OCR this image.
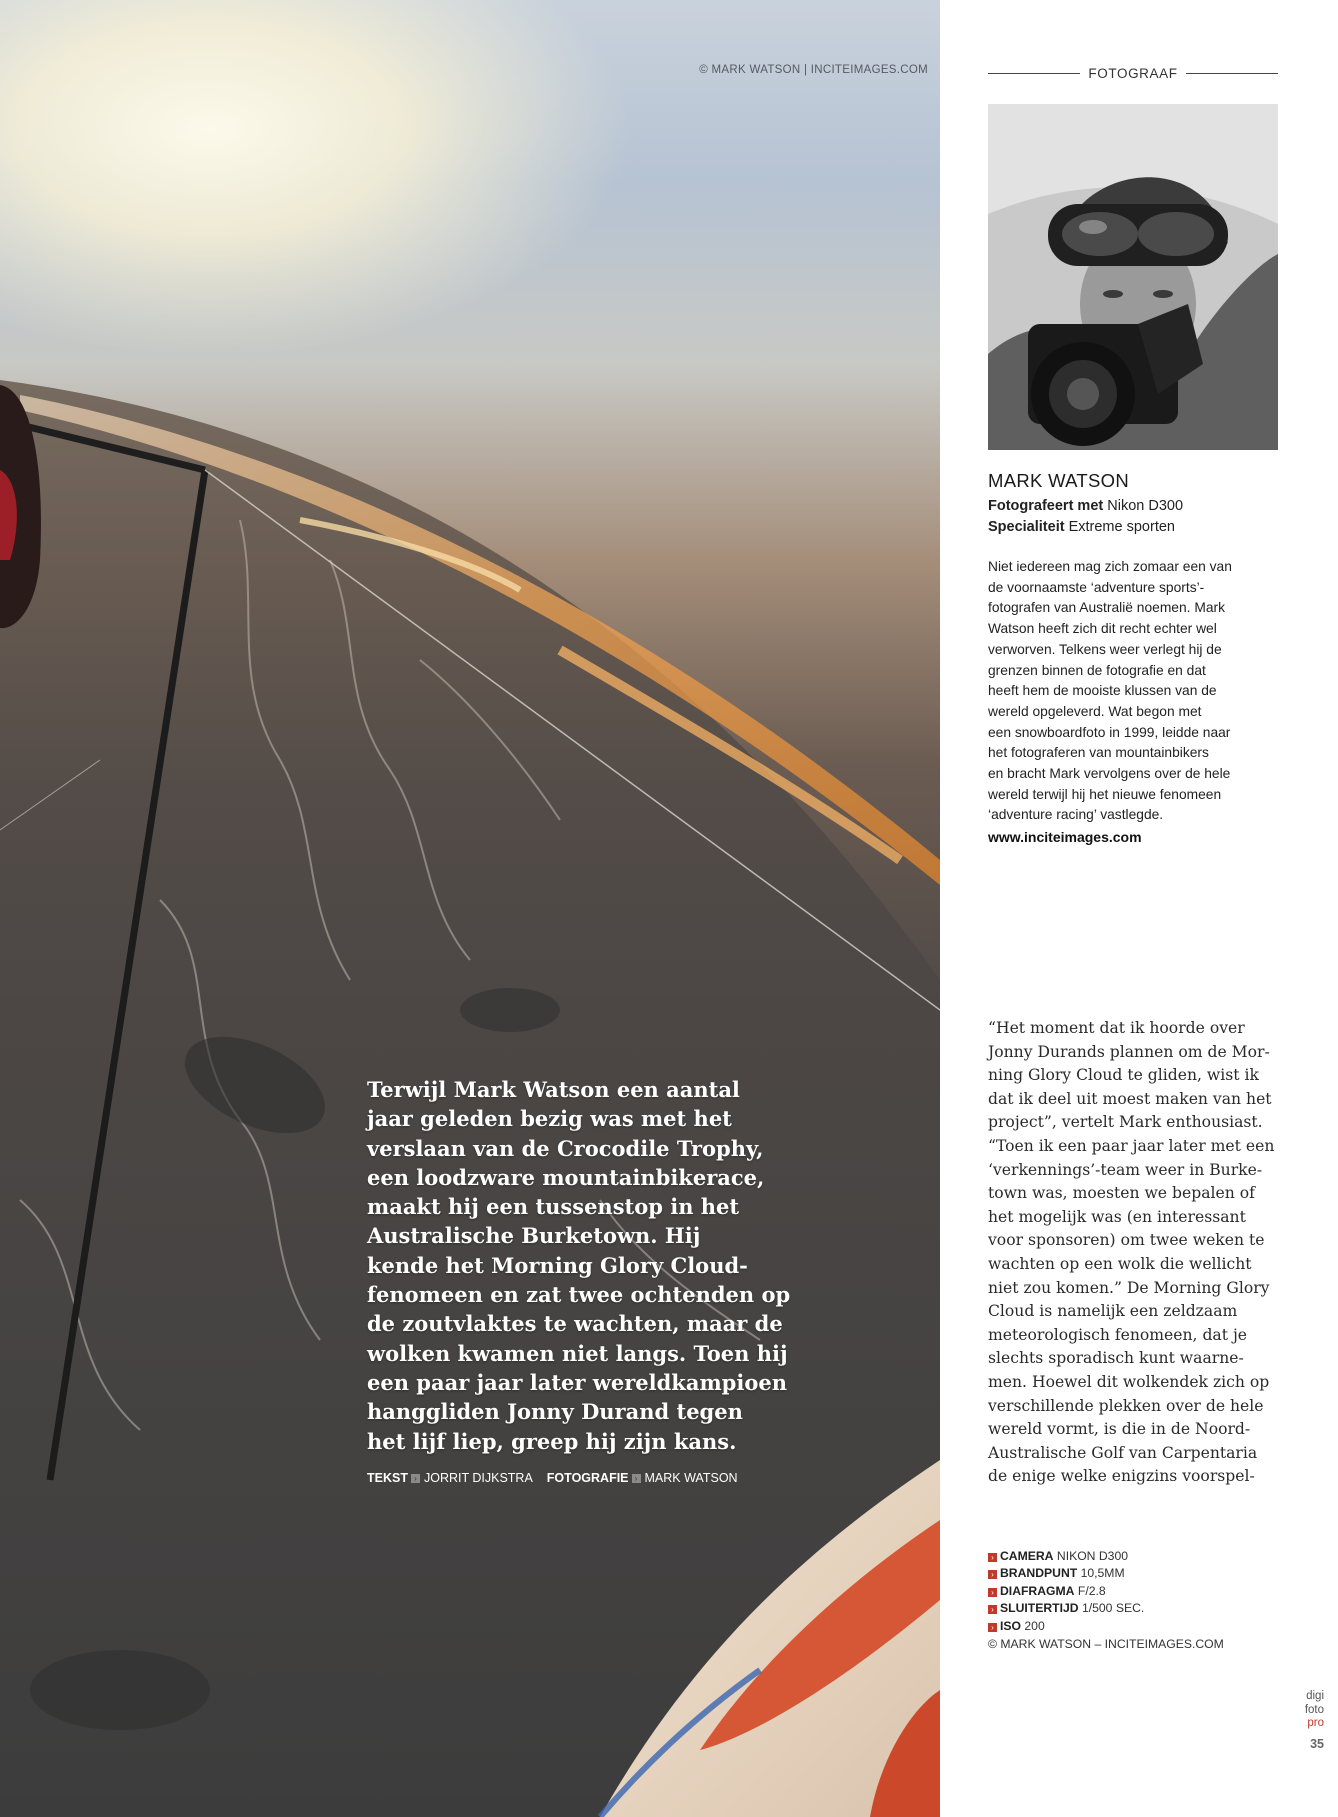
© MARK WATSON | INCITEIMAGES.COM
Terwijl Mark Watson een aantal
jaar geleden bezig was met het
verslaan van de Crocodile Trophy,
een loodzware mountainbikerace,
maakt hij een tussenstop in het
Australische Burketown. Hij
kende het Morning Glory Cloud-
fenomeen en zat twee ochtenden op
de zoutvlaktes te wachten, maar de
wolken kwamen niet langs. Toen hij
een paar jaar later wereldkampioen
hanggliden Jonny Durand tegen
het lijf liep, greep hij zijn kans.
TEKST › JORRIT DIJKSTRA FOTOGRAFIE › MARK WATSON
FOTOGRAAF
MARK WATSON
Fotografeert met Nikon D300
Specialiteit Extreme sporten
Niet iedereen mag zich zomaar een van
de voornaamste ‘adventure sports’-
fotografen van Australië noemen. Mark
Watson heeft zich dit recht echter wel
verworven. Telkens weer verlegt hij de
grenzen binnen de fotografie en dat
heeft hem de mooiste klussen van de
wereld opgeleverd. Wat begon met
een snowboardfoto in 1999, leidde naar
het fotograferen van mountainbikers
en bracht Mark vervolgens over de hele
wereld terwijl hij het nieuwe fenomeen
‘adventure racing’ vastlegde.
www.inciteimages.com
“Het moment dat ik hoorde over
Jonny Durands plannen om de Mor-
ning Glory Cloud te gliden, wist ik
dat ik deel uit moest maken van het
project”, vertelt Mark enthousiast.
“Toen ik een paar jaar later met een
‘verkennings’-team weer in Burke-
town was, moesten we bepalen of
het mogelijk was (en interessant
voor sponsoren) om twee weken te
wachten op een wolk die wellicht
niet zou komen.” De Morning Glory
Cloud is namelijk een zeldzaam
meteorologisch fenomeen, dat je
slechts sporadisch kunt waarne-
men. Hoewel dit wolkendek zich op
verschillende plekken over de hele
wereld vormt, is die in de Noord-
Australische Golf van Carpentaria
de enige welke enigzins voorspel-
› CAMERA NIKON D300
› BRANDPUNT 10,5MM
› DIAFRAGMA F/2.8
› SLUITERTIJD 1/500 SEC.
› ISO 200
© MARK WATSON – INCITEIMAGES.COM
digi
foto
pro
35
